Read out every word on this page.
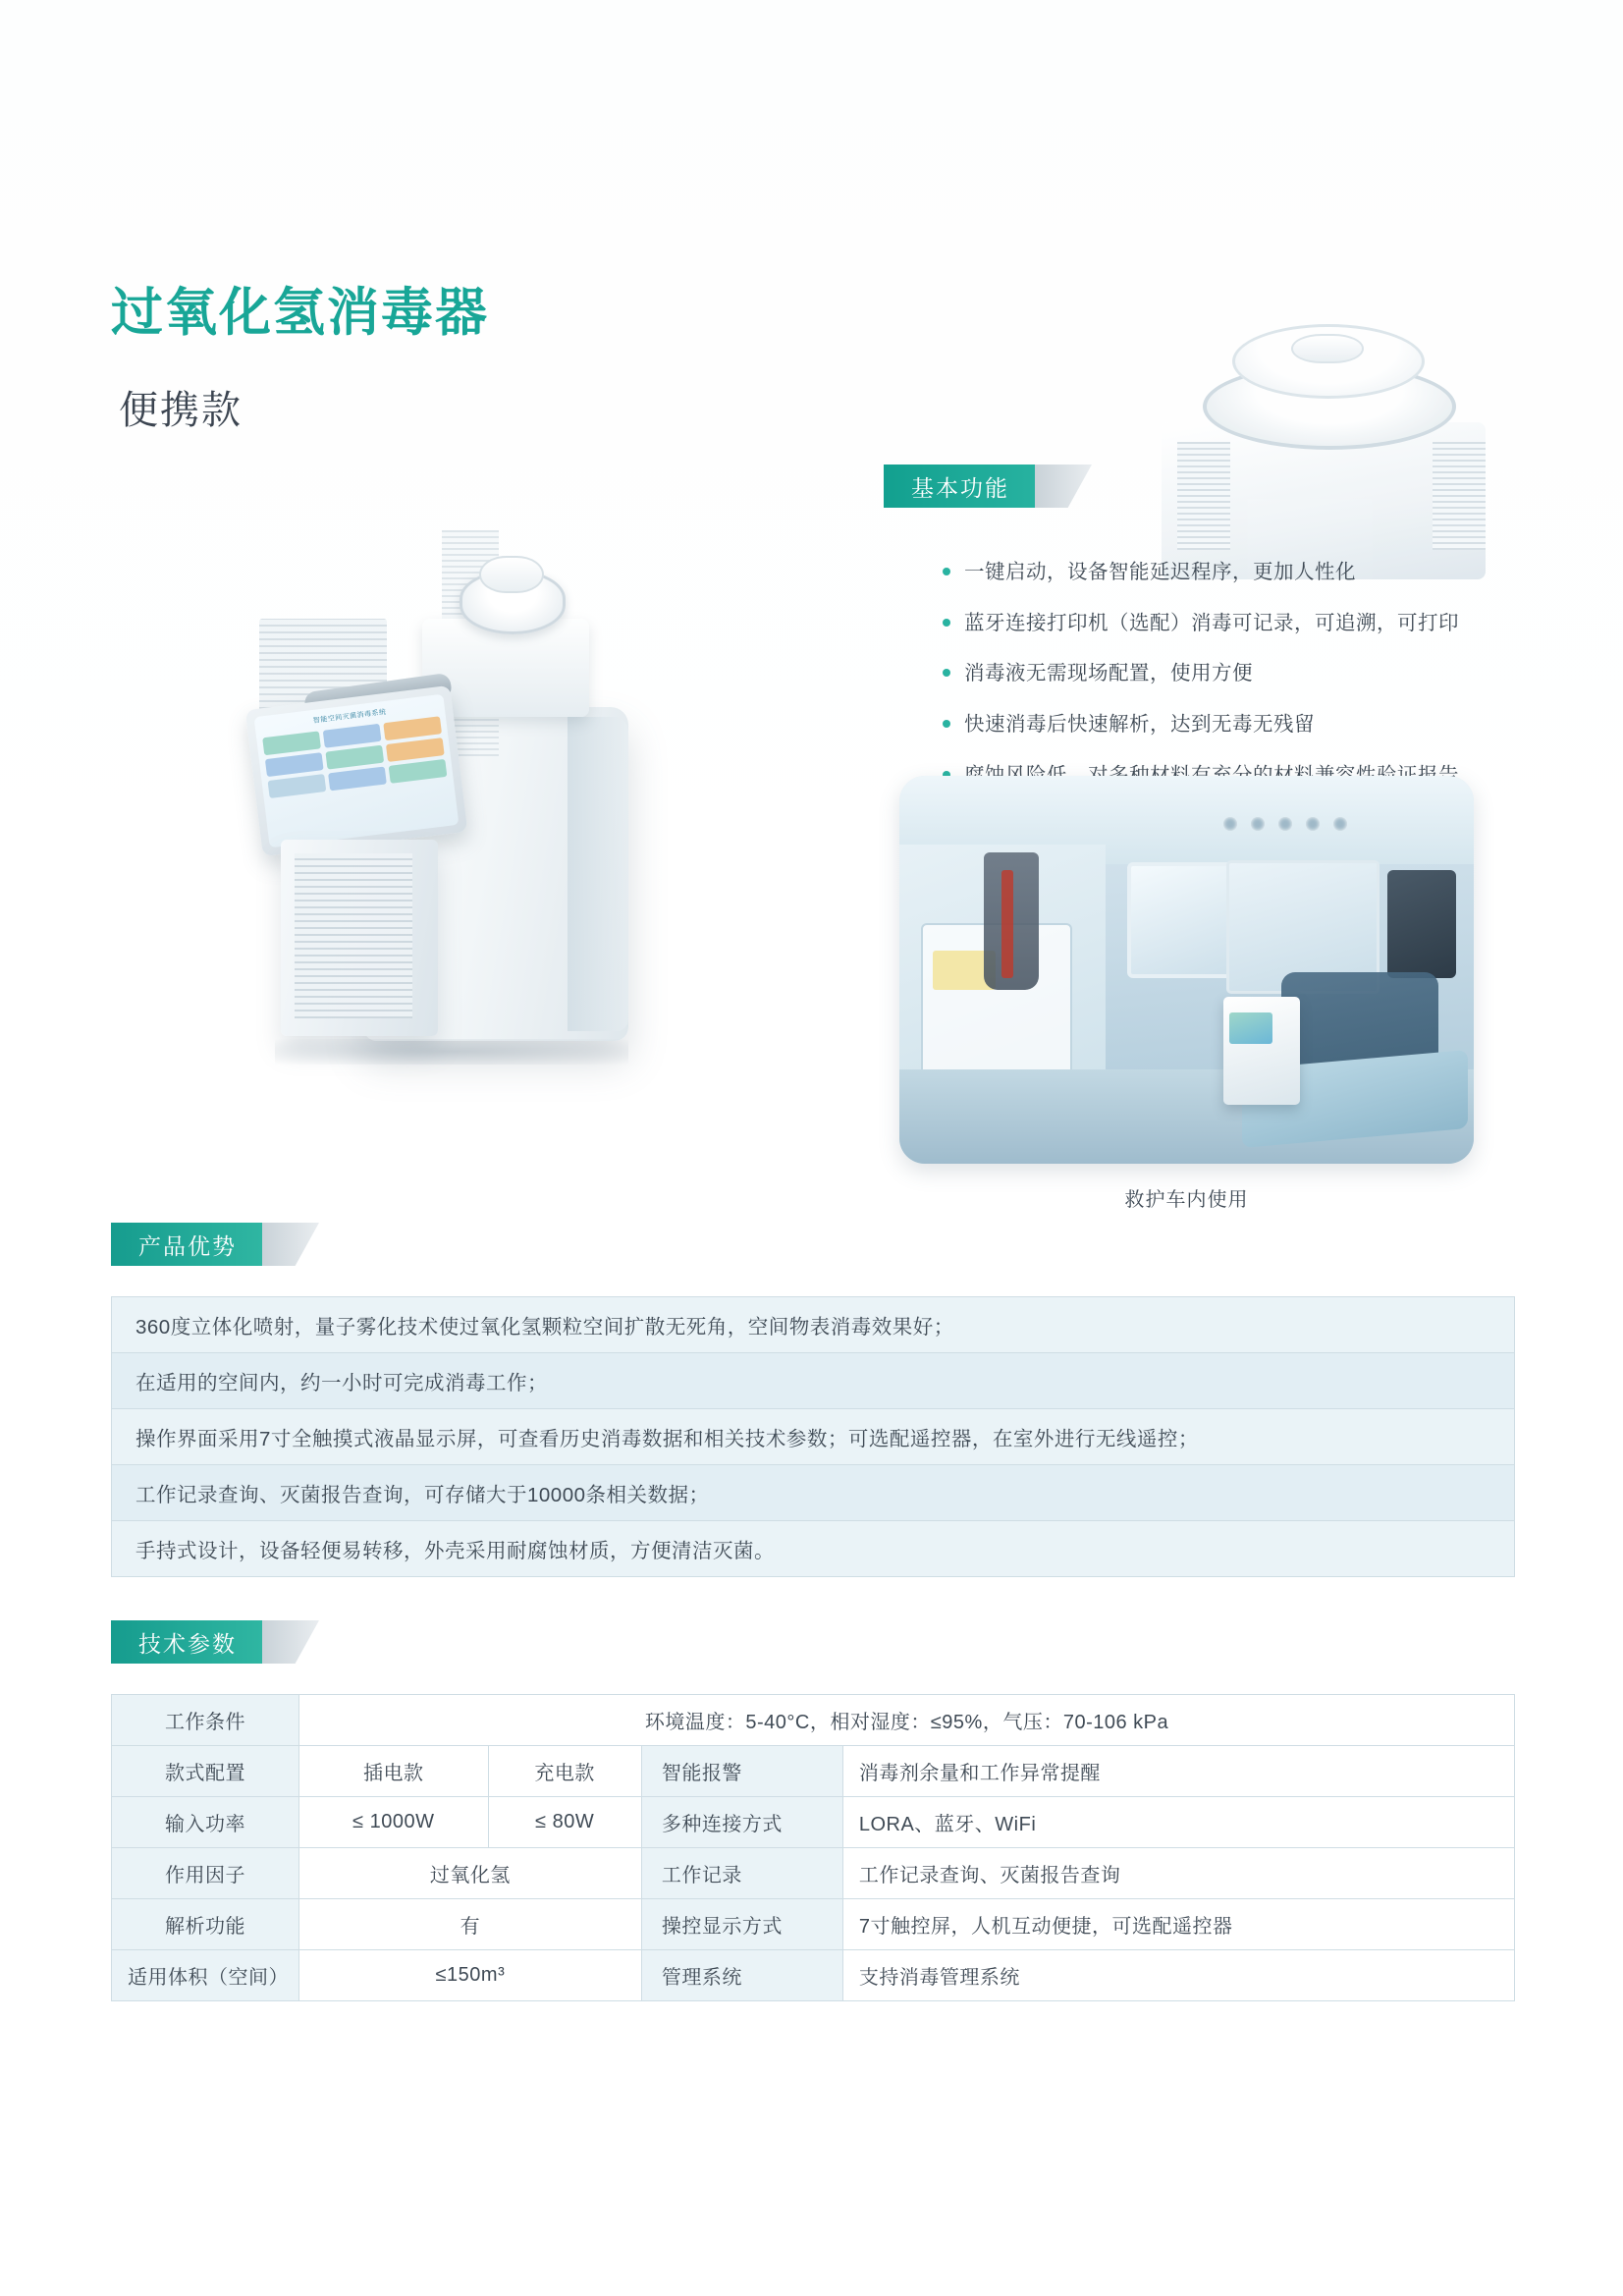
过氧化氢消毒器
便携款
智能空间灭菌消毒系统
基本功能
一键启动，设备智能延迟程序，更加人性化
蓝牙连接打印机（选配）消毒可记录，可追溯，可打印
消毒液无需现场配置，使用方便
快速消毒后快速解析，达到无毒无残留
救护车内使用
产品优势
360度立体化喷射，量子雾化技术使过氧化氢颗粒空间扩散无死角，空间物表消毒效果好；
在适用的空间内，约一小时可完成消毒工作；
操作界面采用7寸全触摸式液晶显示屏，可查看历史消毒数据和相关技术参数；可选配遥控器，在室外进行无线遥控；
工作记录查询、灭菌报告查询，可存储大于10000条相关数据；
手持式设计，设备轻便易转移，外壳采用耐腐蚀材质，方便清洁灭菌。
技术参数
工作条件	环境温度：5-40°C，相对湿度：≤95%，气压：70-106 kPa			
款式配置	插电款	充电款	智能报警	消毒剂余量和工作异常提醒
输入功率	≤ 1000W	≤ 80W	多种连接方式	LORA、蓝牙、WiFi
作用因子	过氧化氢		工作记录	工作记录查询、灭菌报告查询
解析功能	有		操控显示方式	7寸触控屏，人机互动便捷，可选配遥控器
适用体积（空间）	≤150m³		管理系统	支持消毒管理系统
